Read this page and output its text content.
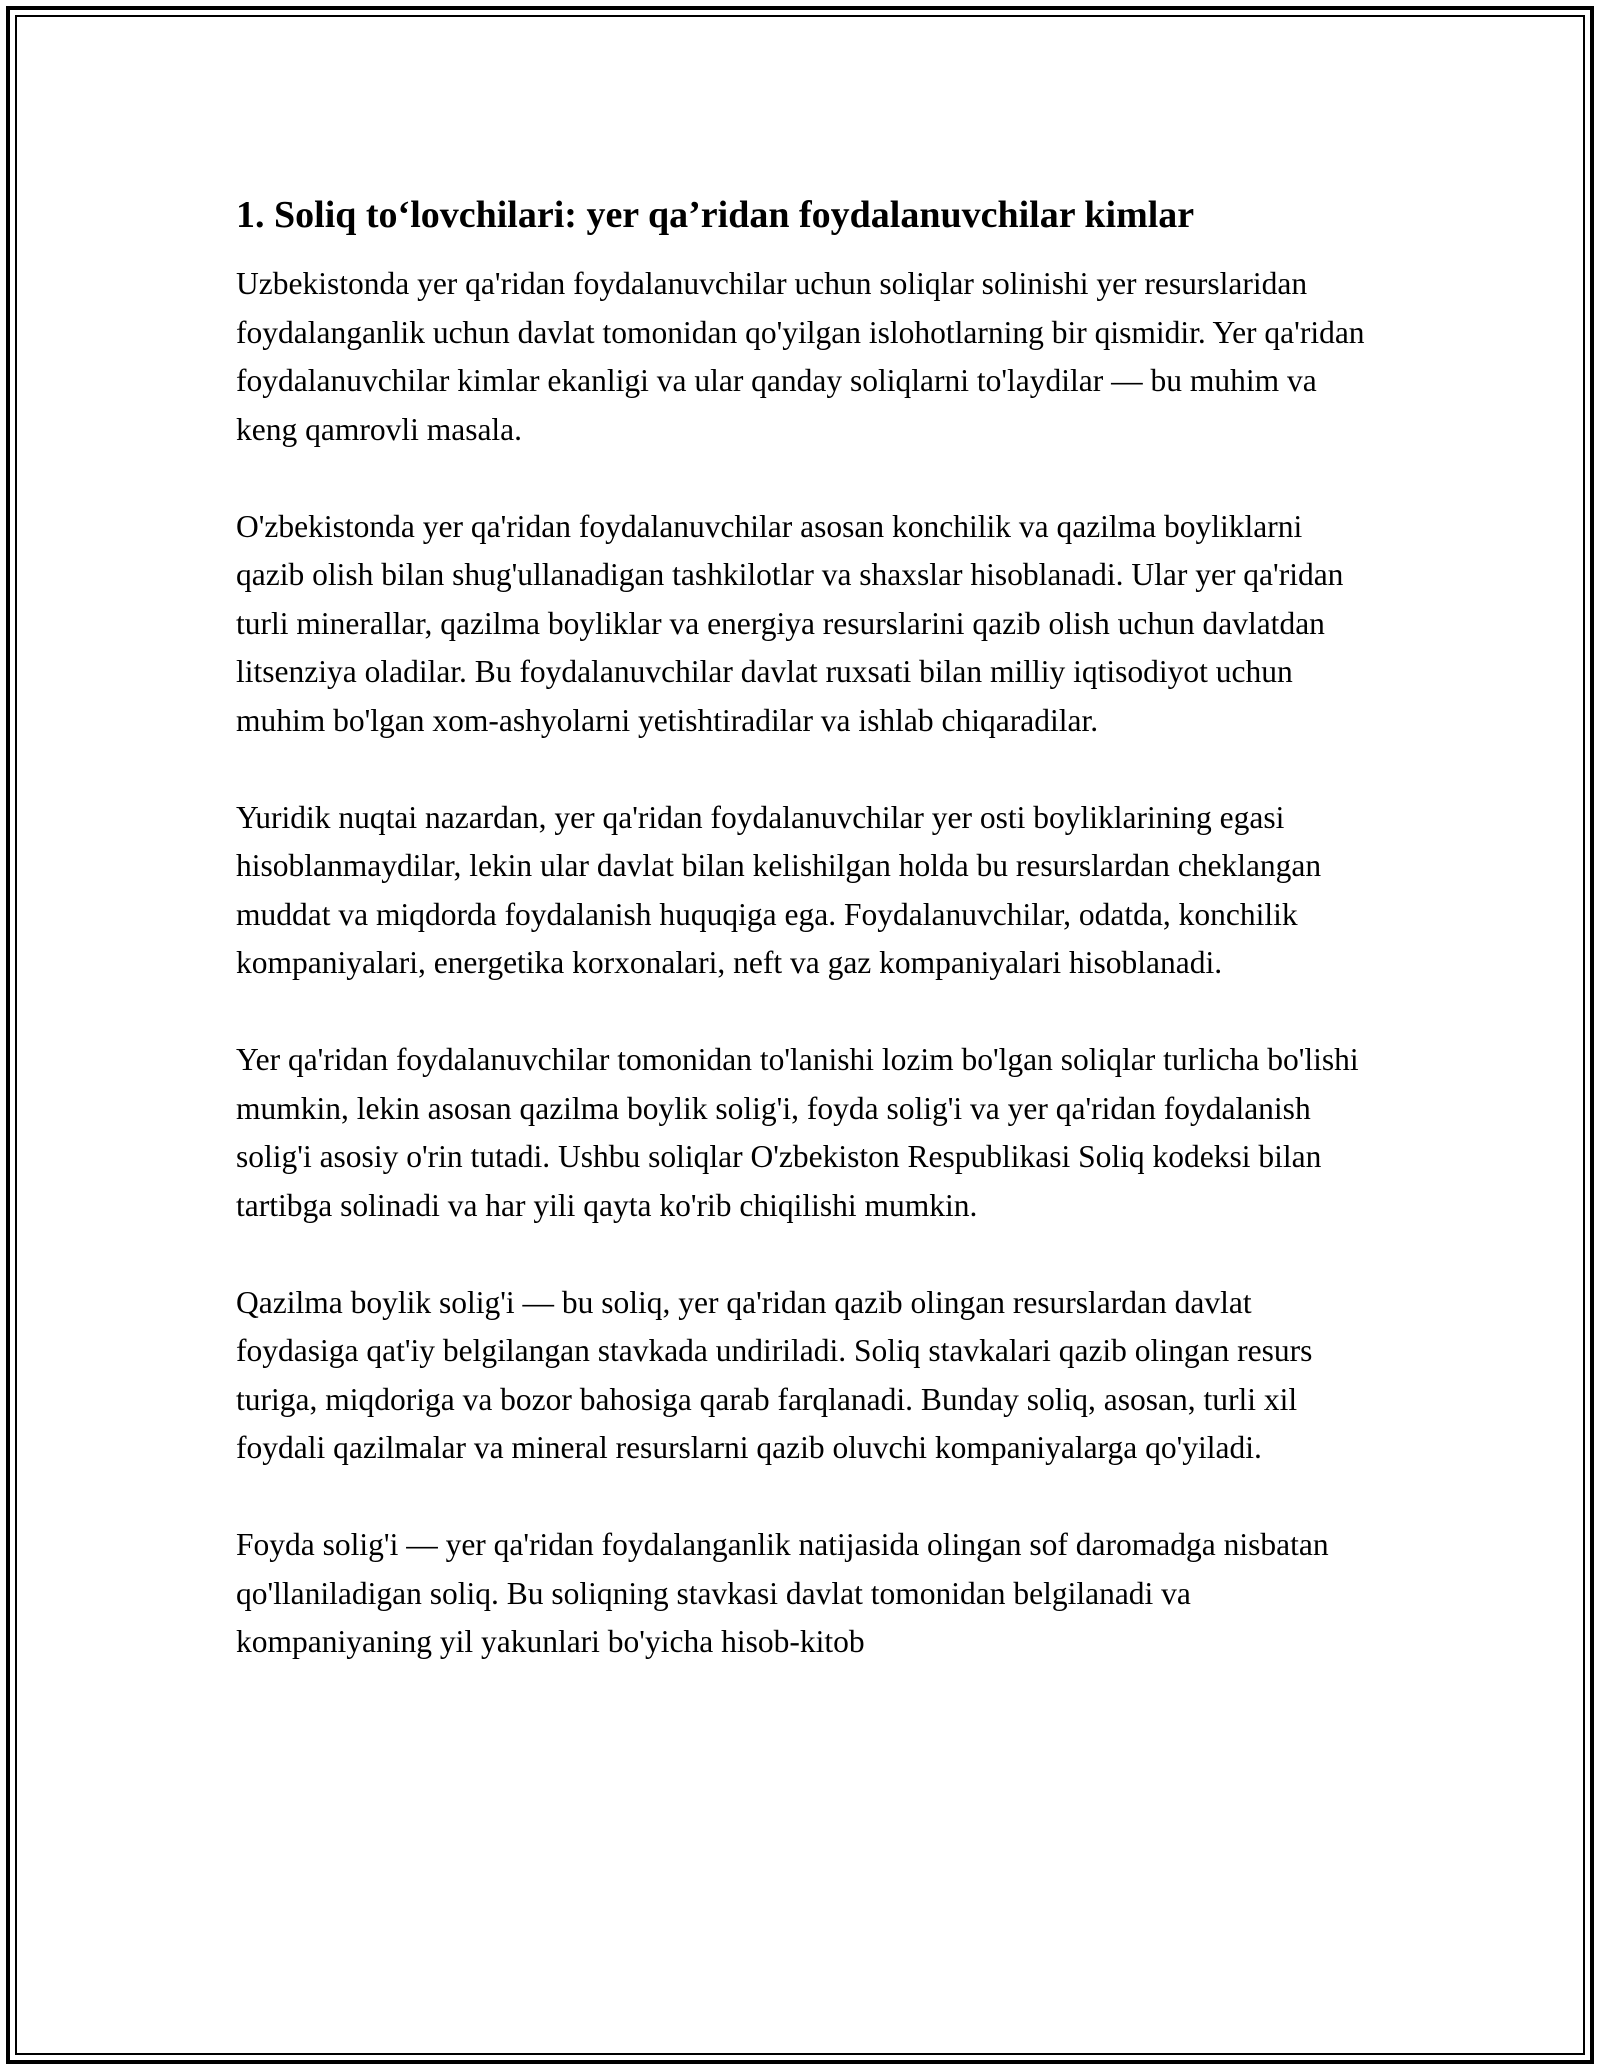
1. Soliq to‘lovchilari: yer qa’ridan foydalanuvchilar kimlar

Uzbekistonda yer qa'ridan foydalanuvchilar uchun soliqlar solinishi yer resurslaridan foydalanganlik uchun davlat tomonidan qo'yilgan islohotlarning bir qismidir. Yer qa'ridan foydalanuvchilar kimlar ekanligi va ular qanday soliqlarni to'laydilar — bu muhim va keng qamrovli masala.

O'zbekistonda yer qa'ridan foydalanuvchilar asosan konchilik va qazilma boyliklarni qazib olish bilan shug'ullanadigan tashkilotlar va shaxslar hisoblanadi. Ular yer qa'ridan turli minerallar, qazilma boyliklar va energiya resurslarini qazib olish uchun davlatdan litsenziya oladilar. Bu foydalanuvchilar davlat ruxsati bilan milliy iqtisodiyot uchun muhim bo'lgan xom-ashyolarni yetishtiradilar va ishlab chiqaradilar.

Yuridik nuqtai nazardan, yer qa'ridan foydalanuvchilar yer osti boyliklarining egasi hisoblanmaydilar, lekin ular davlat bilan kelishilgan holda bu resurslardan cheklangan muddat va miqdorda foydalanish huquqiga ega. Foydalanuvchilar, odatda, konchilik kompaniyalari, energetika korxonalari, neft va gaz kompaniyalari hisoblanadi.

Yer qa'ridan foydalanuvchilar tomonidan to'lanishi lozim bo'lgan soliqlar turlicha bo'lishi mumkin, lekin asosan qazilma boylik solig'i, foyda solig'i va yer qa'ridan foydalanish solig'i asosiy o'rin tutadi. Ushbu soliqlar O'zbekiston Respublikasi Soliq kodeksi bilan tartibga solinadi va har yili qayta ko'rib chiqilishi mumkin.

Qazilma boylik solig'i — bu soliq, yer qa'ridan qazib olingan resurslardan davlat foydasiga qat'iy belgilangan stavkada undiriladi. Soliq stavkalari qazib olingan resurs turiga, miqdoriga va bozor bahosiga qarab farqlanadi. Bunday soliq, asosan, turli xil foydali qazilmalar va mineral resurslarni qazib oluvchi kompaniyalarga qo'yiladi.

Foyda solig'i — yer qa'ridan foydalanganlik natijasida olingan sof daromadga nisbatan qo'llaniladigan soliq. Bu soliqning stavkasi davlat tomonidan belgilanadi va kompaniyaning yil yakunlari bo'yicha hisob-kitob
